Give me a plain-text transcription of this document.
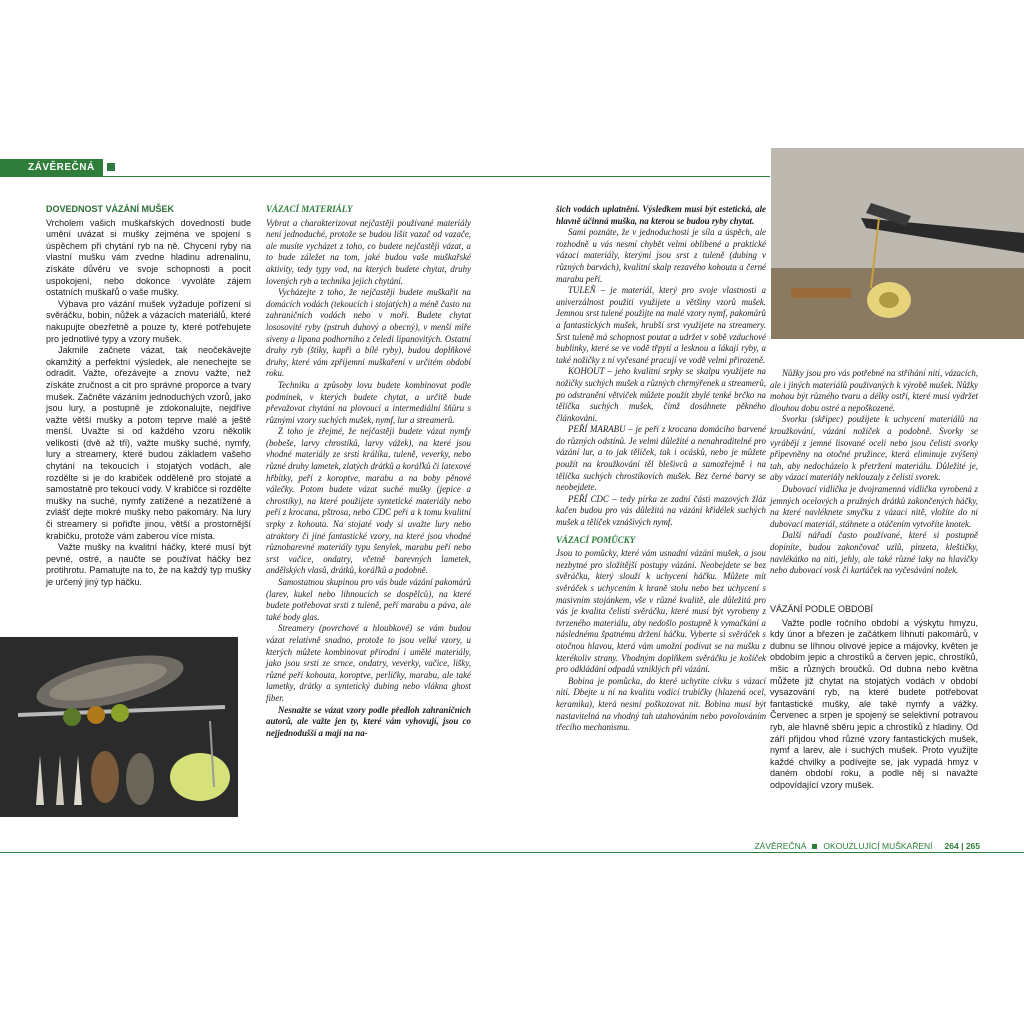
ZÁVĚREČNÁ
DOVEDNOST VÁZÁNÍ MUŠEK

Vrcholem vašich muškařských dovedností bude umění uvázat si mušky zejména ve spojení s úspěchem při chytání ryb na ně. Chycení ryby na vlastní mušku vám zvedne hladinu adrenalinu, získáte důvěru ve svoje schopnosti a pocit uspokojení, nebo dokonce vyvoláte zájem ostatních muškařů o vaše mušky.

Výbava pro vázání mušek vyžaduje pořízení si svěráčku, bobin, nůžek a vázacích materiálů, které nakupujte obezřetně a pouze ty, které potřebujete pro jednotlivé typy a vzory mušek.

Jakmile začnete vázat, tak neočekávejte okamžitý a perfektní výsledek, ale nenechejte se odradit. Važte, ořezávejte a znovu važte, než získáte zručnost a cit pro správné proporce a tvary mušek. Začněte vázáním jednoduchých vzorů, jako jsou lury, a postupně je zdokonalujte, nejdříve važte větší mušky a potom teprve malé a ještě menší. Uvažte si od každého vzoru několik velikostí (dvě až tři), važte mušky suché, nymfy, lury a streamery, které budou základem vašeho chytání na tekoucích i stojatých vodách, ale rozdělte si je do krabiček odděleně pro stojaté a samostatně pro tekoucí vody. V krabičce si rozdělte mušky na suché, nymfy zatížené a nezatížené a zvlášť dejte mokré mušky nebo pakomáry. Na lury či streamery si pořiďte jinou, větší a prostornější krabičku, protože vám zaberou více místa.

Važte mušky na kvalitní háčky, které musí být pevné, ostré, a naučte se používat háčky bez protihrotu. Pamatujte na to, že na každý typ mušky je určený jiný typ háčku.

VÁZACÍ MATERIÁLY

Vybrat a charakterizovat nejčastěji používané materiály není jednoduché, protože se budou lišit vazač od vazače, ale musíte vycházet z toho, co budete nejčastěji vázat, a to bude záležet na tom, jaké budou vaše muškařské aktivity, tedy typy vod, na kterých budete chytat, druhy lovených ryb a technika jejich chytání.

Vycházejte z toho, že nejčastěji budete muškařit na domácích vodách (tekoucích i stojatých) a méně často na zahraničních vodách nebo v moři. Budete chytat lososovité ryby (pstruh duhový a obecný), v menší míře siveny a lipana podhorního z čeledi lipanovitých. Ostatní druhy ryb (štiky, kapři a bílé ryby), budou doplňkové druhy, které vám zpříjemní muškaření v určitém období roku.

Techniku a způsoby lovu budete kombinovat podle podmínek, v kterých budete chytat, a určitě bude převažovat chytání na plovoucí a intermediální šňůru s různými vzory suchých mušek, nymf, lur a streamerů.

Z toho je zřejmé, že nejčastěji budete vázat nymfy (bobeše, larvy chrostíků, larvy vážek), na které jsou vhodné materiály ze srsti králíka, tuleně, veverky, nebo různé druhy lametek, zlatých drátků a koráľků či latexové hřbítky, peří z koroptve, marabu a na boby pěnové válečky. Potom budete vázat suché mušky (jepice a chrostíky), na které použijete syntetické materiály nebo peří z krocana, pštrosa, nebo CDC peří a k tomu kvalitní srpky z kohouta. Na stojaté vody si uvažte lury nebo atraktory či jiné fantastické vzory, na které jsou vhodné různobarevné materiály typu šenylek, marabu peří nebo srst vačice, ondatry, včetně barevných lametek, andělských vlasů, drátků, koráľků a podobně.

Samostatnou skupinou pro vás bude vázání pakomárů (larev, kukel nebo líhnoucích se dospělců), na které budete potřebovat srsti z tuleně, peří marabu a páva, ale také body glas.

Streamery (povrchové a hloubkové) se vám budou vázat relativně snadno, protože to jsou velké vzory, u kterých můžete kombinovat přírodní i umělé materiály, jako jsou srsti ze srnce, ondatry, veverky, vačice, lišky, různé peří kohouta, koroptve, perličky, marabu, ale také lametky, drátky a syntetický dubing nebo vlákna ghost fiber.

Nesnažte se vázat vzory podle předloh zahraničních autorů, ale važte jen ty, které vám vyhovují, jsou co nejjednodušší a mají na na-

šich vodách uplatnění. Výsledkem musí být estetická, ale hlavně účinná muška, na kterou se budou ryby chytat.

Sami poznáte, že v jednoduchosti je síla a úspěch, ale rozhodně u vás nesmí chybět velmi oblíbené a praktické vázací materiály, kterými jsou srst z tuleně (dubing v různých barvách), kvalitní skalp rezavého kohouta a černé marabu peří.

TULEŇ – je materiál, který pro svoje vlastnosti a univerzálnost použití využijete u většiny vzorů mušek. Jemnou srst tulené použijte na malé vzory nymf, pakomárů a fantastických mušek, hrubší srst využijete na streamery. Srst tuleně má schopnost poutat a udržet v sobě vzduchové bublinky, které se ve vodě třpytí a lesknou a lákají ryby, a také nožičky z ní vyčesané pracují ve vodě velmi přirozeně.

KOHOUT – jeho kvalitní srpky se skalpu využijete na nožičky suchých mušek a různých chrmýřenek a streamerů, po odstranění větviček můžete použít zbylé tenké brčko na tělíčka suchých mušek, čímž dosáhnete pěkného článkování.

PEŘÍ MARABU – je peří z krocana domácího barvené do různých odstínů. Je velmi důležité a nenahraditelné pro vázání lur, a to jak tělíček, tak i ocásků, nebo je můžete použít na kroužkování těl blešivců a samozřejmě i na tělíčka suchých chrostíkovích mušek. Bez černé barvy se neobejdete.

PEŘÍ CDC – tedy pírka ze zadní části mazových žláz kačen budou pro vás důležitá na vázání křidélek suchých mušek a tělíček vznášivých nymf.

VÁZACÍ POMŮCKY

Jsou to pomůcky, které vám usnadní vázání mušek, a jsou nezbytné pro složitější postupy vázání. Neobejdete se bez svěráčku, který slouží k uchycení háčku. Můžete mít svěráček s uchycením k hraně stolu nebo bez uchycení s masivním stojánkem, vše v různé kvalitě, ale důležitá pro vás je kvalita čelistí svěráčku, které musí být vyrobeny z tvrzeného materiálu, aby nedošlo postupně k vymačkání a následnému špatnému držení háčku. Vyberte si svěráček s otočnou hlavou, která vám umožní podívat se na mušku z kterékoliv strany. Vhodným doplňkem svěráčku je košíček pro odkládání odpadů vzniklých při vázání.

Bobina je pomůcka, do které uchytíte cívku s vázací nití. Dbejte u ní na kvalitu vodicí trubičky (hlazená ocel, keramika), která nesmí poškozovat nit. Bobina musí být nastavitelná na vhodný tah utahováním nebo povolováním třecího mechanismu.

Nůžky jsou pro vás potřebné na stříhání nití, vázacích, ale i jiných materiálů používaných k výrobě mušek. Nůžky mohou být různého tvaru a délky ostří, které musí vydržet dlouhou dobu ostré a nepoškozené.

Svorku (skřipec) použijete k uchycení materiálů na kroužkování, vázání nožiček a podobně. Svorky se vyrábějí z jemné lisované oceli nebo jsou čelisti svorky připevněny na otočné pružince, která eliminuje zvýšený tah, aby nedocházelo k přetržení materiálu. Důležité je, aby vázací materiály neklouzaly z čelistí svorek.

Dubovací vidlička je dvojramenná vidlička vyrobená z jemných ocelových a pružných drátků zakončených háčky, na které navléknete smyčku z vázací nitě, vložíte do ní dubovací materiál, stáhnete a otáčením vytvoříte knotek.

Další nářadí často používané, které si postupně dopíníte, budou zakončovač uzlů, pinzeta, kleštičky, navlékátko na niti, jehly, ale také různé laky na hlavičky nebo dubovací vosk či kartáček na vyčesávání nožek.

VÁZÁNÍ PODLE OBDOBÍ

Važte podle ročního období a výskytu hmyzu, kdy únor a březen je začátkem líhnutí pakomárů, v dubnu se líhnou olivové jepice a májovky, květen je obdobím jepic a chrostíků a červen jepic, chrostíků, mšic a různých broučků. Od dubna nebo května můžete již chytat na stojatých vodách v období vysazování ryb, na které budete potřebovat fantastické mušky, ale také nymfy a vážky. Červenec a srpen je spojený se selektivní potravou ryb, ale hlavně sběru jepic a chrostíků z hladiny. Od září přijdou vhod různé vzory fantastických mušek, nymf a larev, ale i suchých mušek. Proto využijte každé chvilky a podívejte se, jak vypadá hmyz v daném období roku, a podle něj si navažte odpovídající vzory mušek.

ZÁVĚREČNÁ OKOUZLUJÍCÍ MUŠKAŘENÍ 264 | 265
